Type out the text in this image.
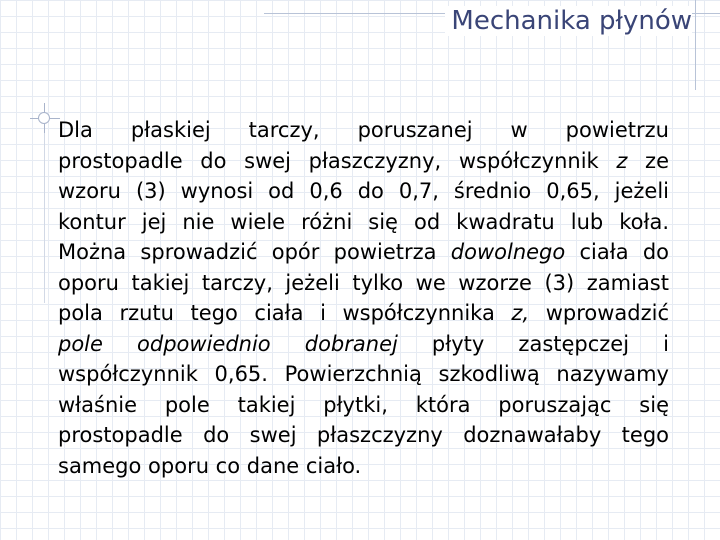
Mechanika płynów
Dla płaskiej tarczy, poruszanej w powietrzu
prostopadle do swej płaszczyzny, współczynnik z ze
wzoru (3) wynosi od 0,6 do 0,7, średnio 0,65, jeżeli
kontur jej nie wiele różni się od kwadratu lub koła.
Można sprowadzić opór powietrza dowolnego ciała do
oporu takiej tarczy, jeżeli tylko we wzorze (3) zamiast
pola rzutu tego ciała i współczynnika z, wprowadzić
pole odpowiednio dobranej płyty zastępczej i
współczynnik 0,65. Powierzchnią szkodliwą nazywamy
właśnie pole takiej płytki, która poruszając się
prostopadle do swej płaszczyzny doznawałaby tego
samego oporu co dane ciało.
